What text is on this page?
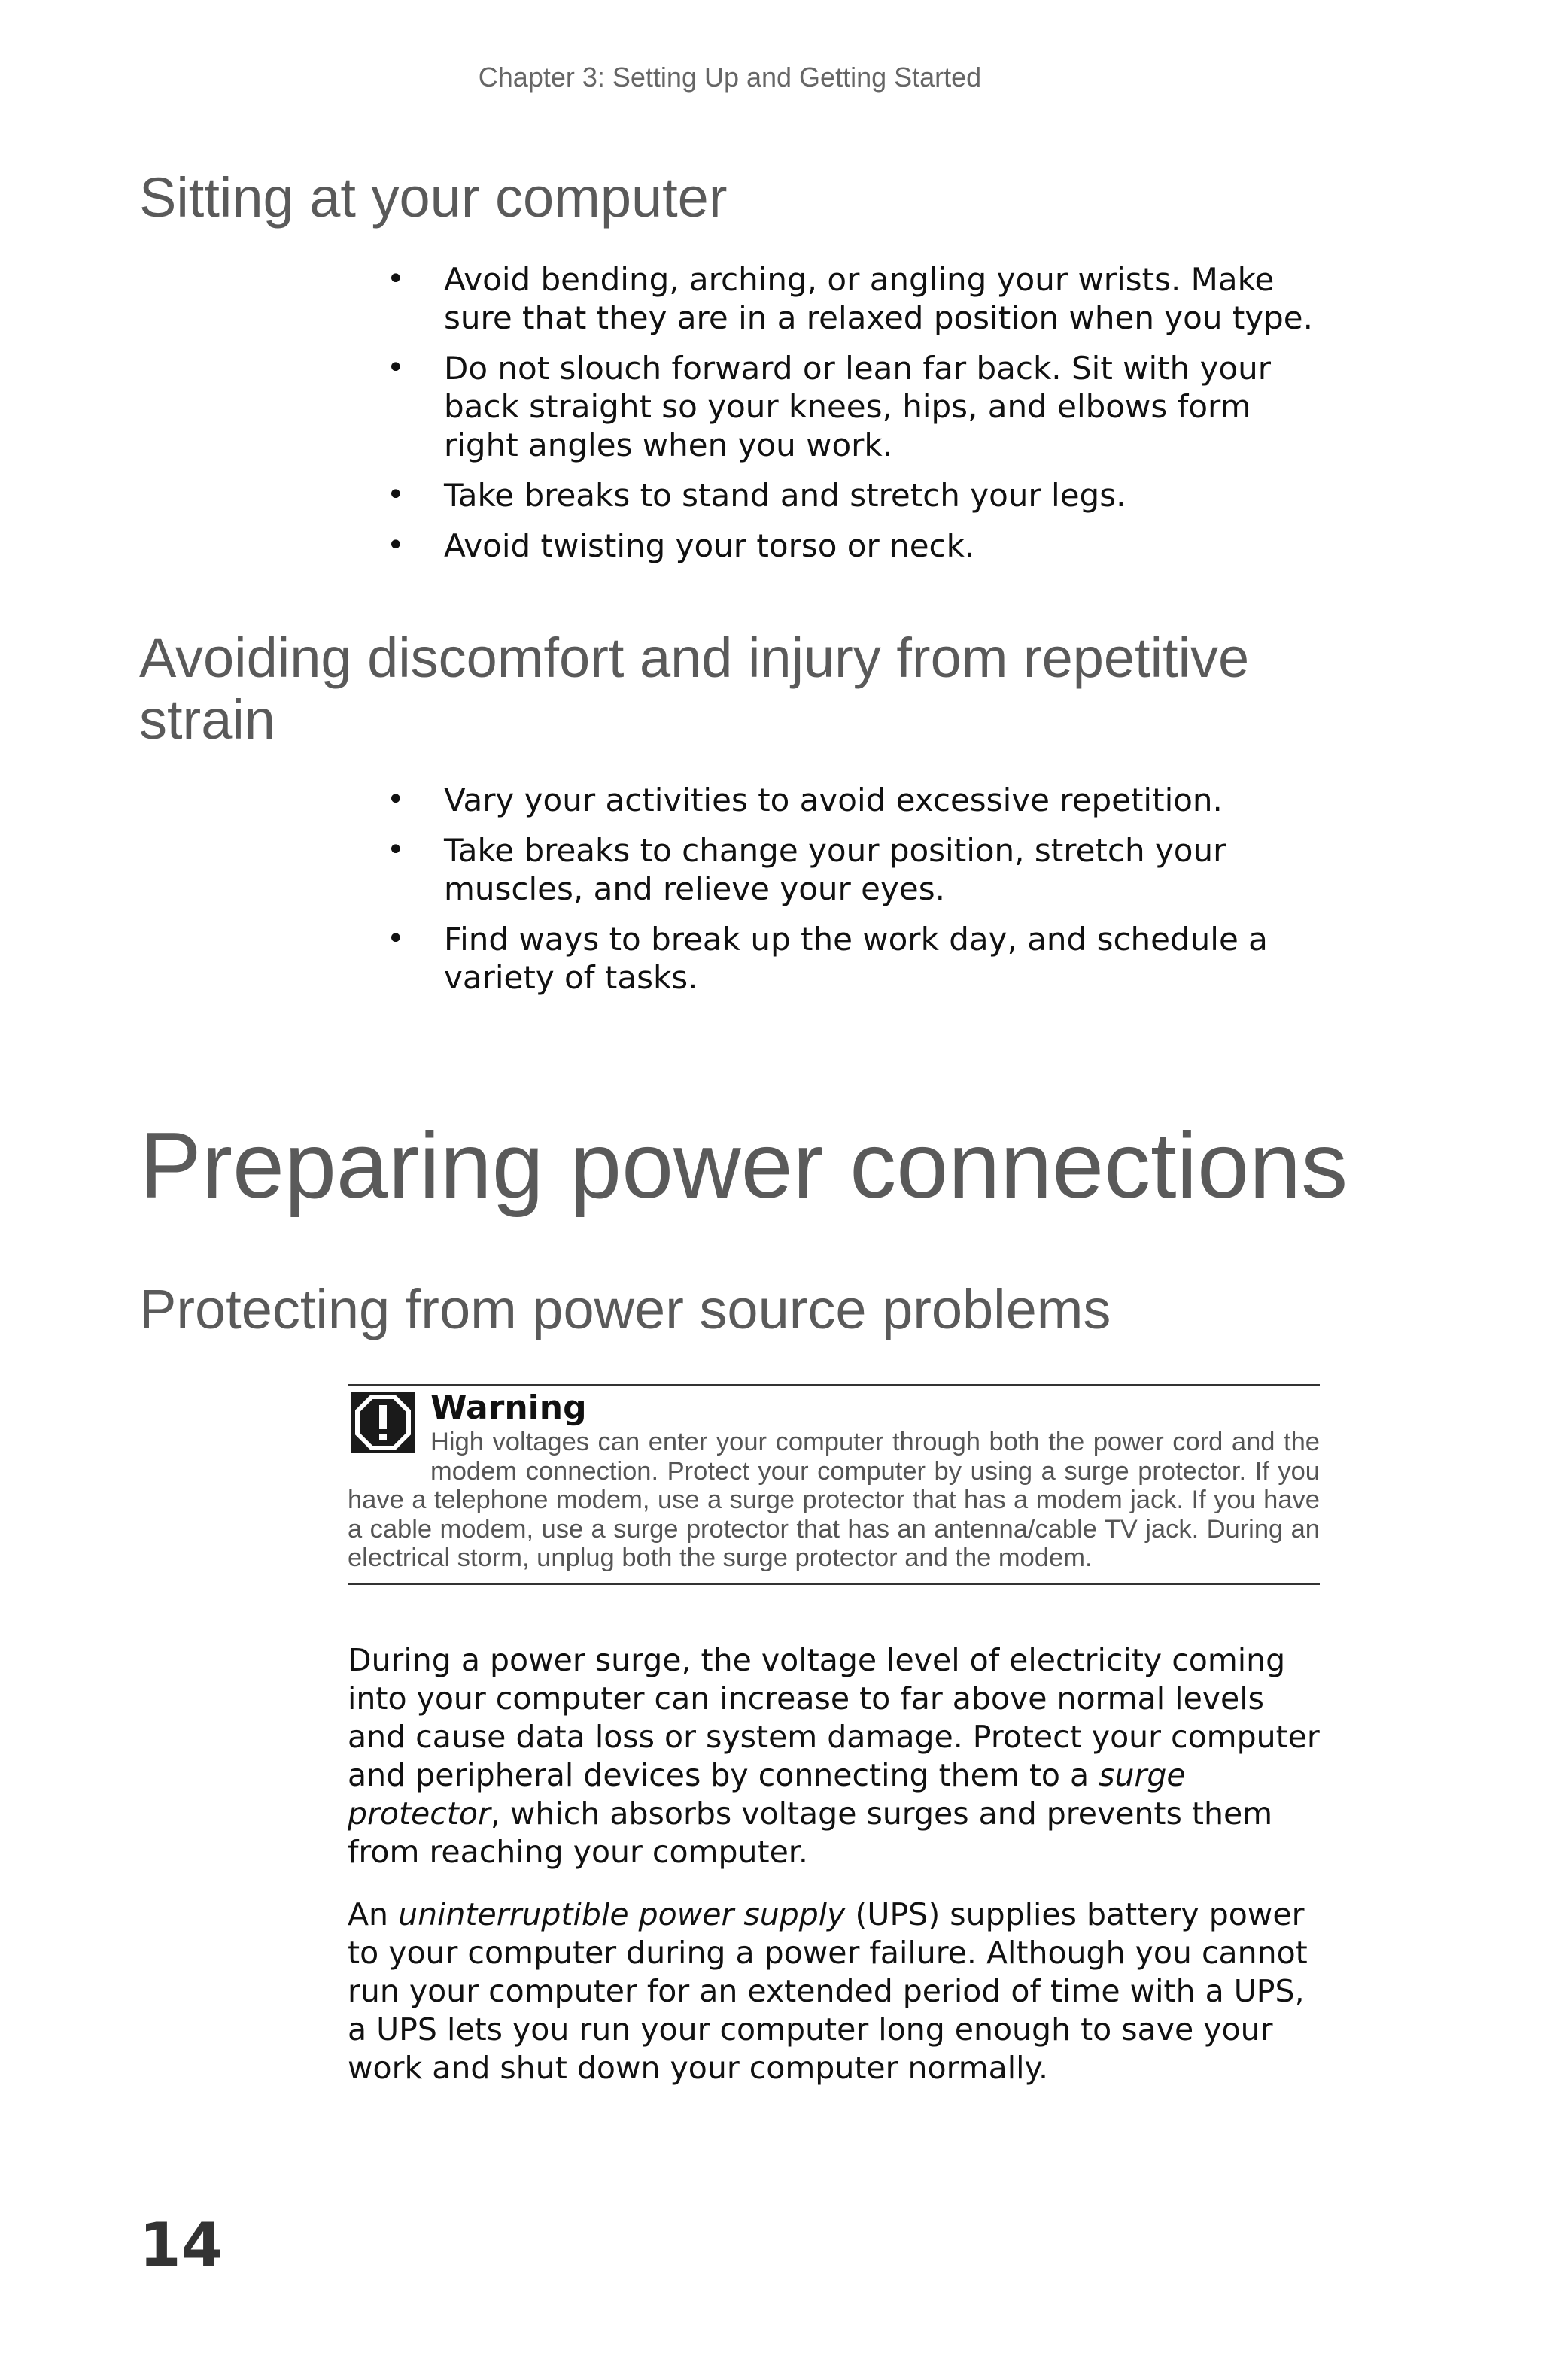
Chapter 3: Setting Up and Getting Started

Sitting at your computer
• Avoid bending, arching, or angling your wrists. Make sure that they are in a relaxed position when you type.
• Do not slouch forward or lean far back. Sit with your back straight so your knees, hips, and elbows form right angles when you work.
• Take breaks to stand and stretch your legs.
• Avoid twisting your torso or neck.
Avoiding discomfort and injury from repetitive strain
• Vary your activities to avoid excessive repetition.
• Take breaks to change your position, stretch your muscles, and relieve your eyes.
• Find ways to break up the work day, and schedule a variety of tasks.
Preparing power connections
Protecting from power source problems

Warning

High voltages can enter your computer through both the power cord and the modem connection. Protect your computer by using a surge protector. If you have a telephone modem, use a surge protector that has a modem jack. If you have a cable modem, use a surge protector that has an antenna/cable TV jack. During an electrical storm, unplug both the surge protector and the modem.

During a power surge, the voltage level of electricity coming into your computer can increase to far above normal levels and cause data loss or system damage. Protect your computer and peripheral devices by connecting them to a surge protector, which absorbs voltage surges and prevents them from reaching your computer.

An uninterruptible power supply (UPS) supplies battery power to your computer during a power failure. Although you cannot run your computer for an extended period of time with a UPS, a UPS lets you run your computer long enough to save your work and shut down your computer normally.

14
